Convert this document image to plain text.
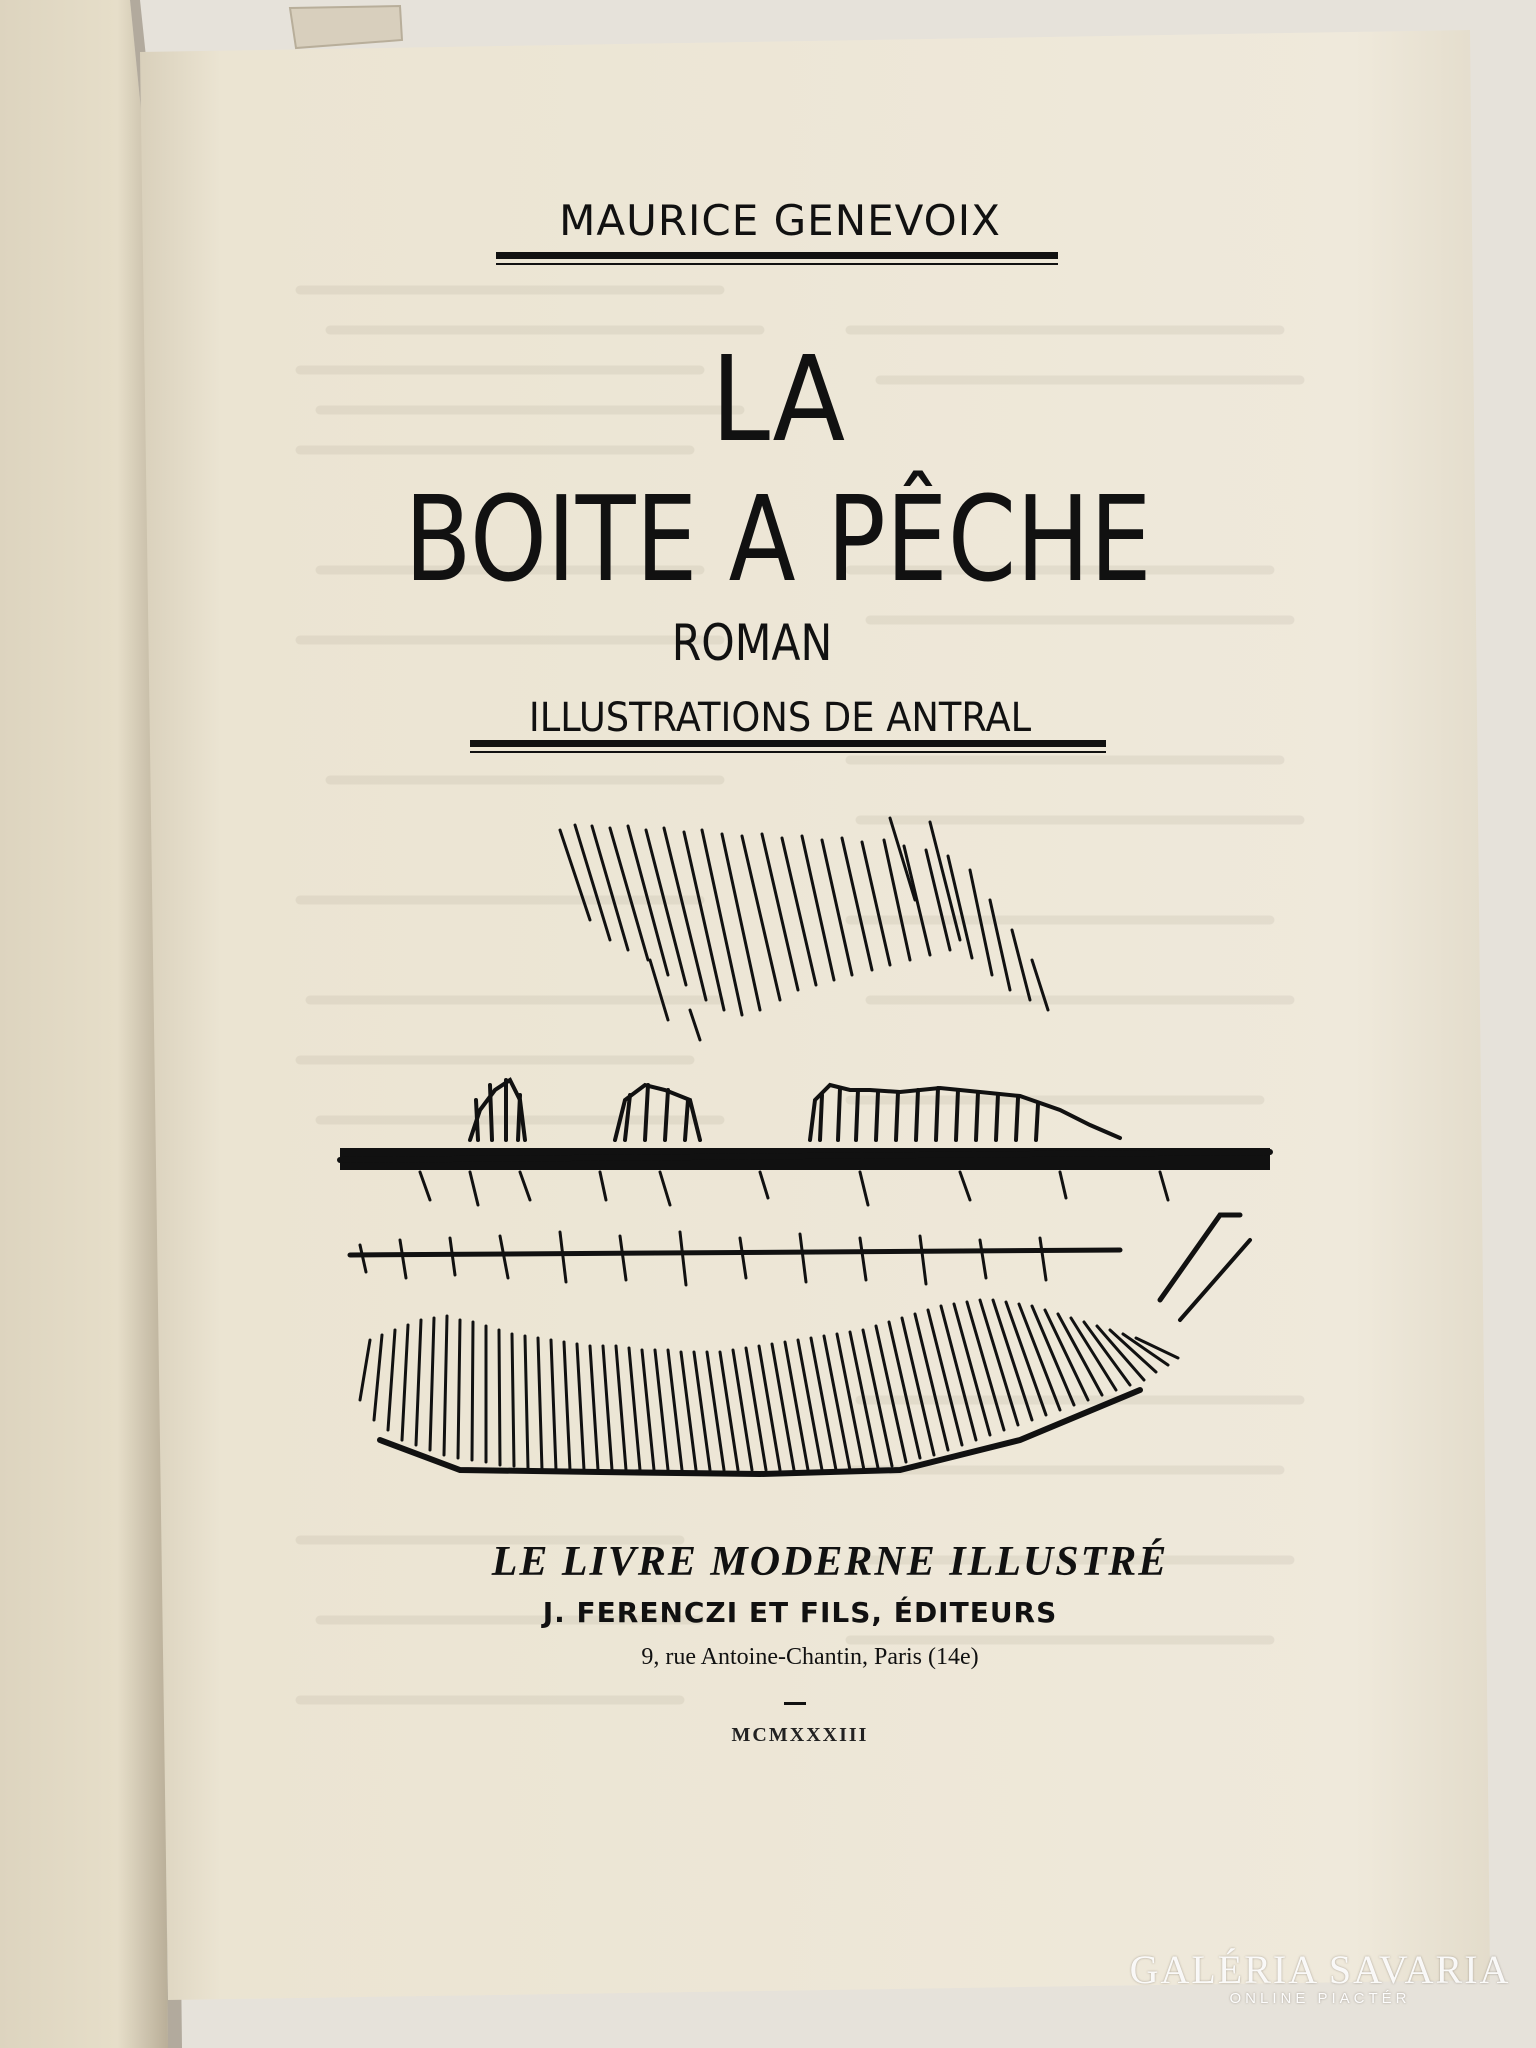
MAURICE GENEVOIX
LA
BOITE A PÊCHE
ROMAN
ILLUSTRATIONS DE ANTRAL
LE LIVRE MODERNE ILLUSTRÉ
J. FERENCZI ET FILS, ÉDITEURS
9, rue Antoine-Chantin, Paris (14e)
MCMXXXIII
GALÉRIA SAVARIA
ONLINE PIACTÉR
